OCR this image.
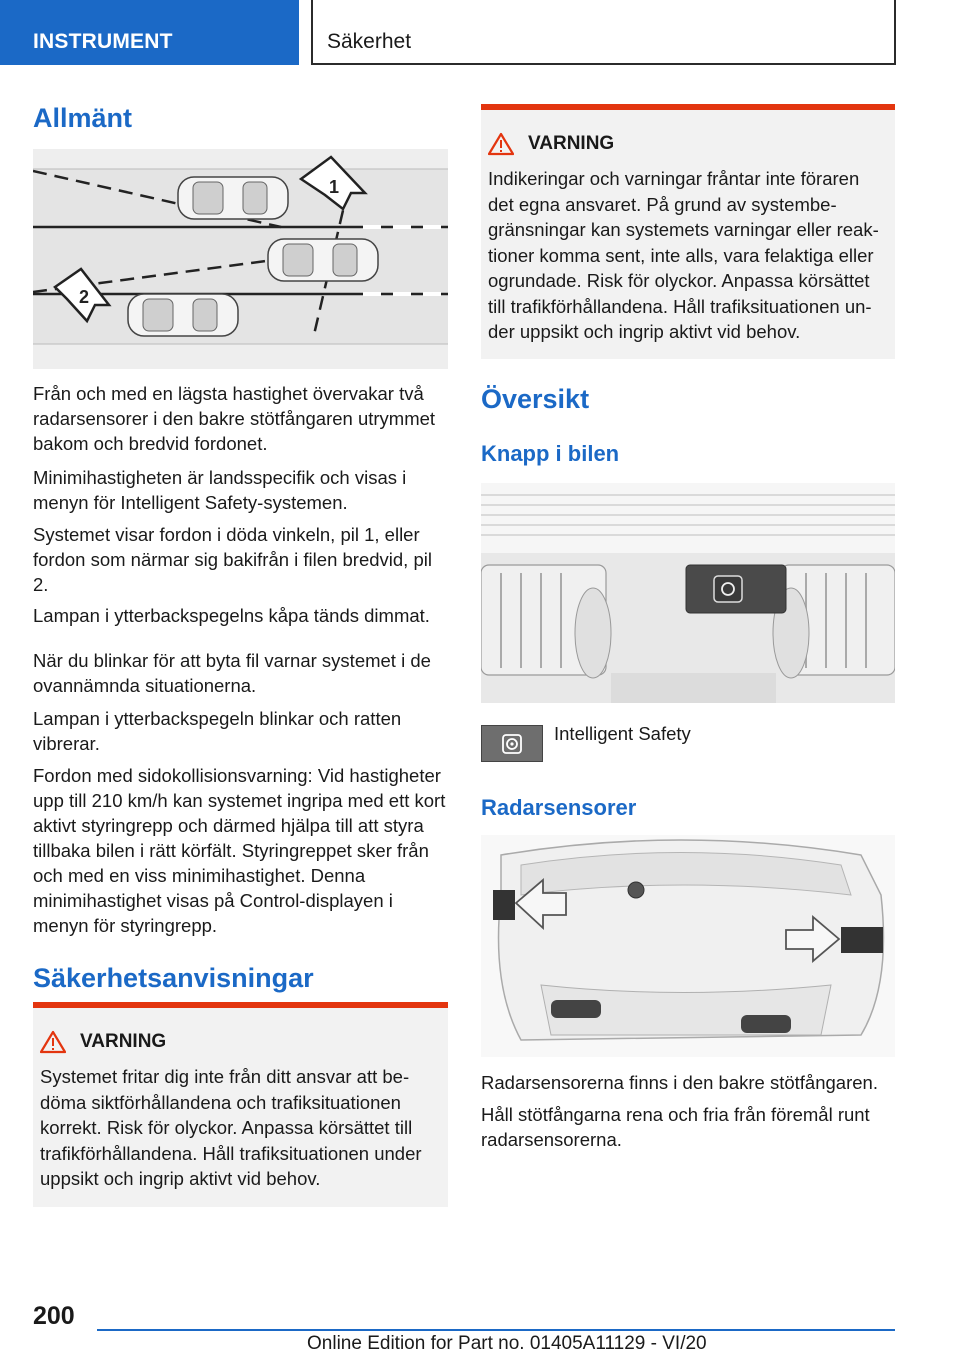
INSTRUMENT	Säkerhet
Allmänt
1
2
Från och med en lägsta hastighet övervakar två radarsensorer i den bakre stötfångaren utrymmet bakom och bredvid fordonet.
Minimihastigheten är landsspecifik och visas i menyn för Intelligent Safety-systemen.
Systemet visar fordon i döda vinkeln, pil 1, eller fordon som närmar sig bakifrån i filen bredvid, pil 2.
Lampan i ytterbackspegelns kåpa tänds dimmat.
När du blinkar för att byta fil varnar systemet i de ovannämnda situationerna.
Lampan i ytterbackspegeln blinkar och ratten vibrerar.
Fordon med sidokollisionsvarning: Vid hastigheter upp till 210 km/h kan systemet ingripa med ett kort aktivt styringrepp och därmed hjälpa till att styra tillbaka bilen i rätt körfält. Styringreppet sker från och med en viss minimihastighet. Denna minimihastighet visas på Control-displayen i menyn för styringrepp.
Säkerhetsanvisningar
VARNING
Systemet fritar dig inte från ditt ansvar att bedöma siktförhållandena och trafiksituationen korrekt. Risk för olyckor. Anpassa körsättet till trafikförhållandena. Håll trafiksituationen under uppsikt och ingrip aktivt vid behov.
VARNING
Indikeringar och varningar fråntar inte föraren det egna ansvaret. På grund av systembegränsningar kan systemets varningar eller reaktioner komma sent, inte alls, vara felaktiga eller ogrundade. Risk för olyckor. Anpassa körsättet till trafikförhållandena. Håll trafiksituationen under uppsikt och ingrip aktivt vid behov.
Översikt
Knapp i bilen
Intelligent Safety
Radarsensorer
Radarsensorerna finns i den bakre stötfångaren.
Håll stötfångarna rena och fria från föremål runt radarsensorerna.
200
Online Edition for Part no. 01405A11129 - VI/20
